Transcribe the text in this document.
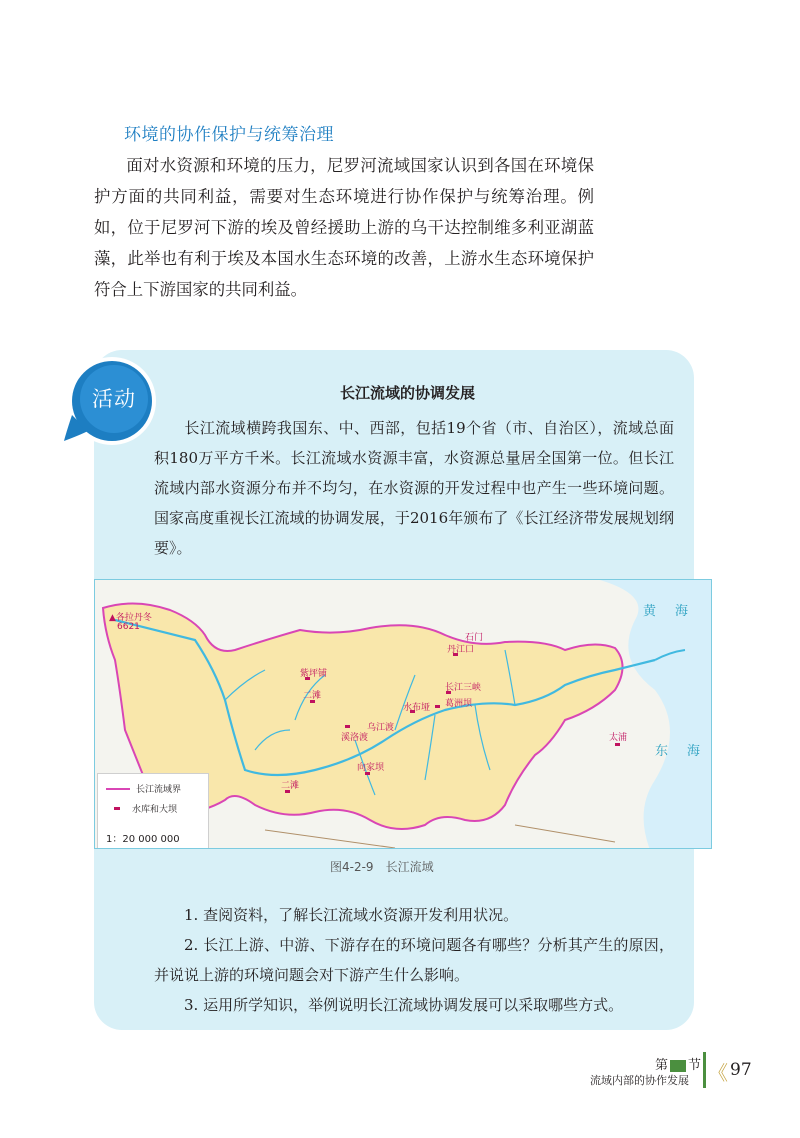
环境的协作保护与统筹治理

面对水资源和环境的压力，尼罗河流域国家认识到各国在环境保护方面的共同利益，需要对生态环境进行协作保护与统筹治理。例如，位于尼罗河下游的埃及曾经援助上游的乌干达控制维多利亚湖蓝藻，此举也有利于埃及本国水生态环境的改善，上游水生态环境保护符合上下游国家的共同利益。

活动	长江流域的协调发展

长江流域横跨我国东、中、西部，包括19个省（市、自治区），流域总面积180万平方千米。长江流域水资源丰富，水资源总量居全国第一位。但长江流域内部水资源分布并不均匀，在水资源的开发过程中也产生一些环境问题。国家高度重视长江流域的协调发展，于2016年颁布了《长江经济带发展规划纲要》。

黄 海
东 海
▲各拉丹冬
6621
长江三峡
葛洲坝
丹江口
石门
紫坪铺
二滩
溪洛渡
乌江渡
二滩
向家坝
水布垭
太浦
长江流域界
水库和大坝
1：20 000 000
图4-2-9　长江流域

1. 查阅资料，了解长江流域水资源开发利用状况。

2. 长江上游、中游、下游存在的环境问题各有哪些？分析其产生的原因，并说说上游的环境问题会对下游产生什么影响。

3. 运用所学知识，举例说明长江流域协调发展可以采取哪些方式。

第 节
流域内部的协作发展 《 97
